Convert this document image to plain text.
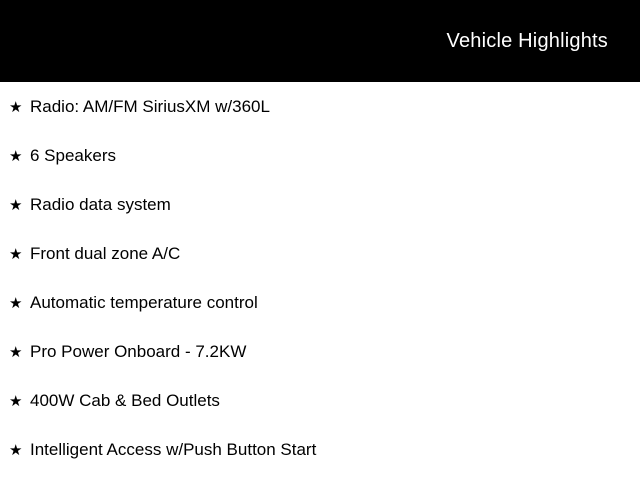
Vehicle Highlights
★ Radio: AM/FM SiriusXM w/360L
★ 6 Speakers
★ Radio data system
★ Front dual zone A/C
★ Automatic temperature control
★ Pro Power Onboard - 7.2KW
★ 400W Cab & Bed Outlets
★ Intelligent Access w/Push Button Start
